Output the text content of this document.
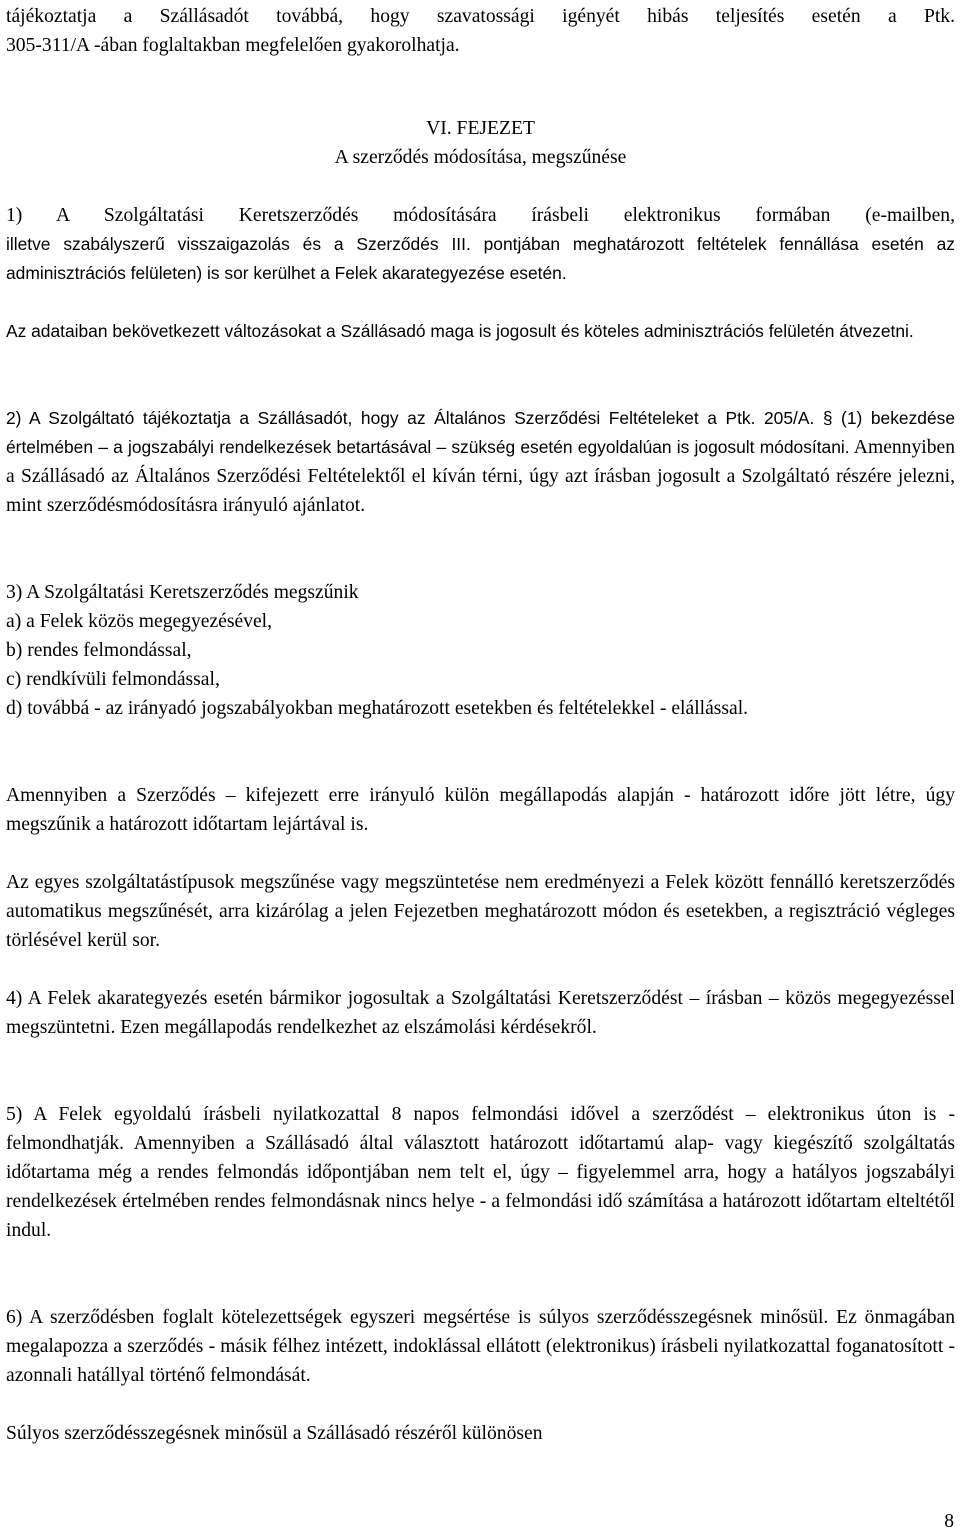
tájékoztatja a Szállásadót továbbá, hogy szavatossági igényét hibás teljesítés esetén a Ptk.

305-311/A -ában foglaltakban megfelelően gyakorolhatja.

VI. FEJEZET

A szerződés módosítása, megszűnése

1) A Szolgáltatási Keretszerződés módosítására írásbeli elektronikus formában (e-mailben,

illetve szabályszerű visszaigazolás és a Szerződés III. pontjában meghatározott feltételek fennállása esetén az adminisztrációs felületen) is sor kerülhet a Felek akarategyezése esetén.

Az adataiban bekövetkezett változásokat a Szállásadó maga is jogosult és köteles adminisztrációs felületén átvezetni.

2) A Szolgáltató tájékoztatja a Szállásadót, hogy az Általános Szerződési Feltételeket a Ptk. 205/A. § (1) bekezdése értelmében – a jogszabályi rendelkezések betartásával – szükség esetén egyoldalúan is jogosult módosítani. Amennyiben a Szállásadó az Általános Szerződési Feltételektől el kíván térni, úgy azt írásban jogosult a Szolgáltató részére jelezni, mint szerződésmódosításra irányuló ajánlatot.

3) A Szolgáltatási Keretszerződés megszűnik

a) a Felek közös megegyezésével,

b) rendes felmondással,

c) rendkívüli felmondással,

d) továbbá - az irányadó jogszabályokban meghatározott esetekben és feltételekkel - elállással.

Amennyiben a Szerződés – kifejezett erre irányuló külön megállapodás alapján - határozott időre jött létre, úgy megszűnik a határozott időtartam lejártával is.

Az egyes szolgáltatástípusok megszűnése vagy megszüntetése nem eredményezi a Felek között fennálló keretszerződés automatikus megszűnését, arra kizárólag a jelen Fejezetben meghatározott módon és esetekben, a regisztráció végleges törlésével kerül sor.

4) A Felek akarategyezés esetén bármikor jogosultak a Szolgáltatási Keretszerződést – írásban – közös megegyezéssel megszüntetni. Ezen megállapodás rendelkezhet az elszámolási kérdésekről.

5) A Felek egyoldalú írásbeli nyilatkozattal 8 napos felmondási idővel a szerződést – elektronikus úton is - felmondhatják. Amennyiben a Szállásadó által választott határozott időtartamú alap- vagy kiegészítő szolgáltatás időtartama még a rendes felmondás időpontjában nem telt el, úgy – figyelemmel arra, hogy a hatályos jogszabályi rendelkezések értelmében rendes felmondásnak nincs helye - a felmondási idő számítása a határozott időtartam elteltétől indul.

6) A szerződésben foglalt kötelezettségek egyszeri megsértése is súlyos szerződésszegésnek minősül. Ez önmagában megalapozza a szerződés - másik félhez intézett, indoklással ellátott (elektronikus) írásbeli nyilatkozattal foganatosított - azonnali hatállyal történő felmondását.

Súlyos szerződésszegésnek minősül a Szállásadó részéről különösen

8
